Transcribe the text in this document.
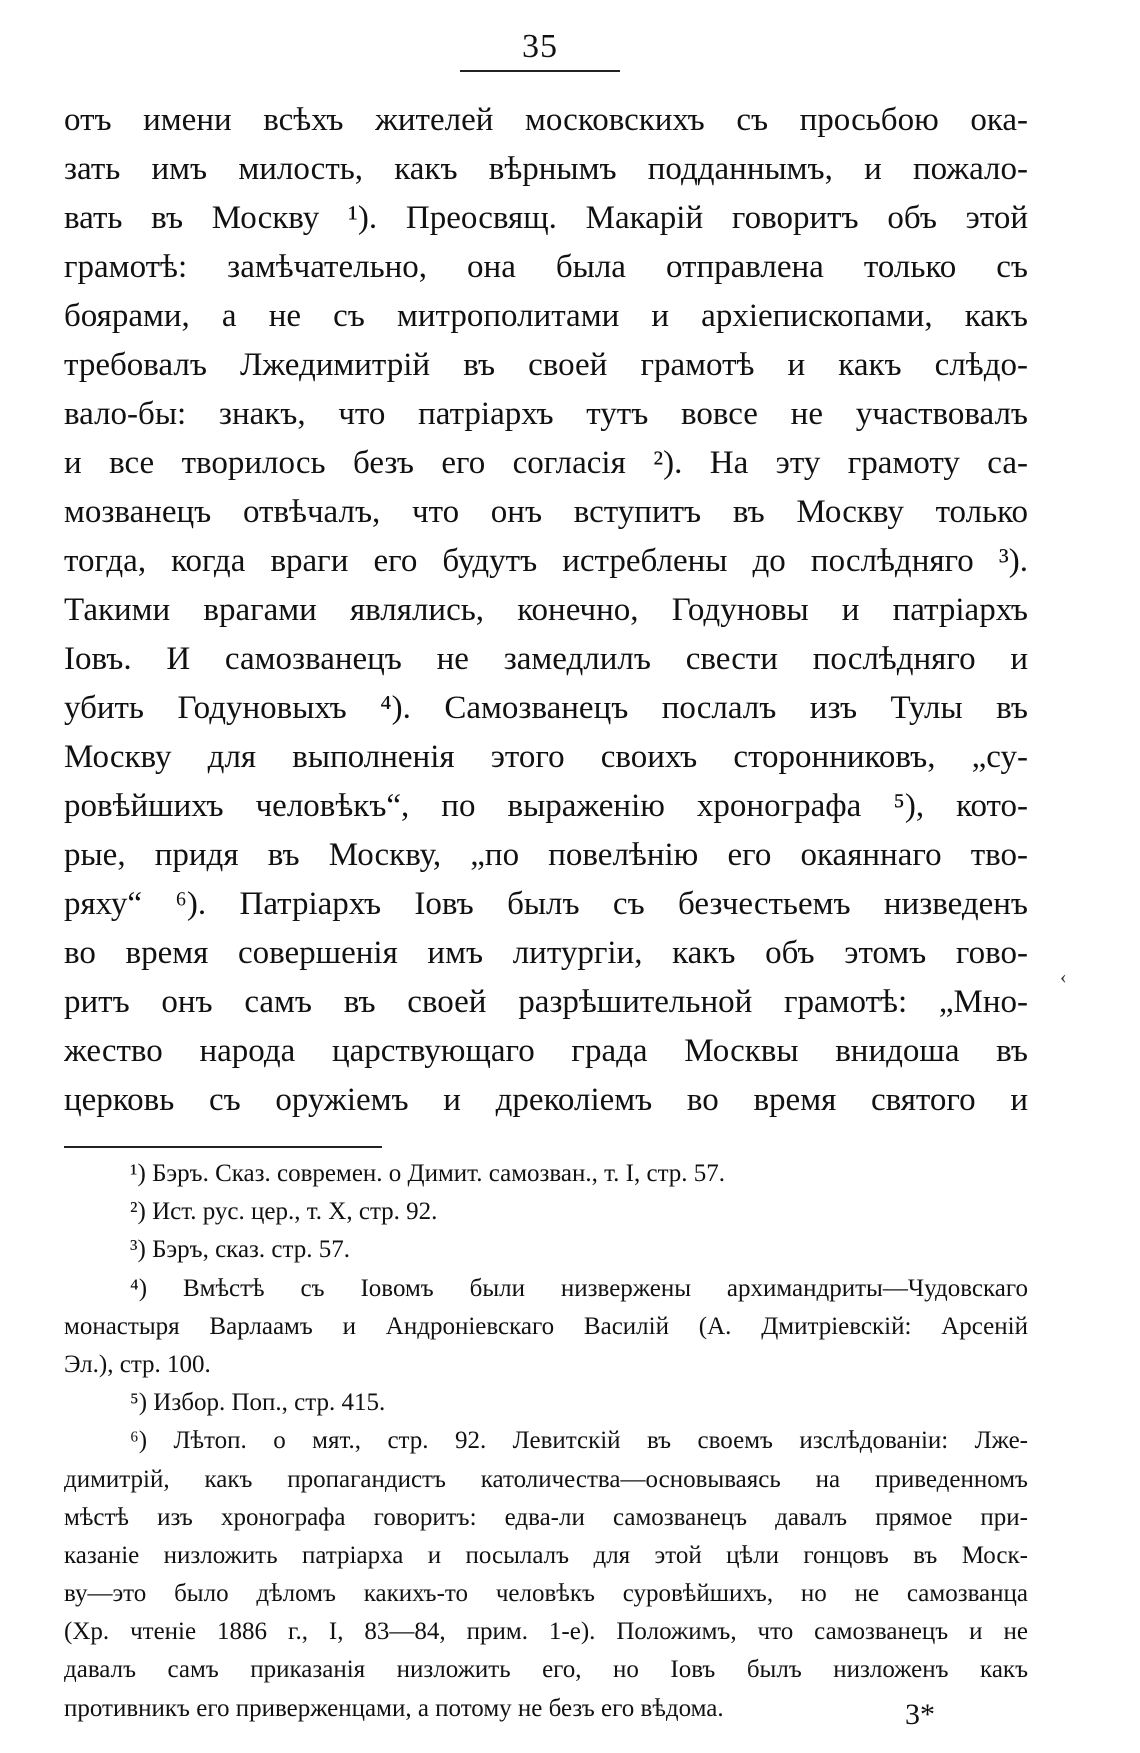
35
отъ имени всѣхъ жителей московскихъ съ просьбою ока-
зать имъ милость, какъ вѣрнымъ подданнымъ, и пожало-
вать въ Москву ¹). Преосвящ. Макарій говоритъ объ этой
грамотѣ: замѣчательно, она была отправлена только съ
боярами, а не съ митрополитами и архіепископами, какъ
требовалъ Лжедимитрій въ своей грамотѣ и какъ слѣдо-
вало-бы: знакъ, что патріархъ тутъ вовсе не участвовалъ
и все творилось безъ его согласія ²). На эту грамоту са-
мозванецъ отвѣчалъ, что онъ вступитъ въ Москву только
тогда, когда враги его будутъ истреблены до послѣдняго ³).
Такими врагами являлись, конечно, Годуновы и патріархъ
Іовъ. И самозванецъ не замедлилъ свести послѣдняго и
убить Годуновыхъ ⁴). Самозванецъ послалъ изъ Тулы въ
Москву для выполненія этого своихъ сторонниковъ, „су-
ровѣйшихъ человѣкъ“, по выраженію хронографа ⁵), кото-
рые, придя въ Москву, „по повелѣнію его окаяннаго тво-
ряху“ ⁶). Патріархъ Іовъ былъ съ безчестьемъ низведенъ
во время совершенія имъ литургіи, какъ объ этомъ гово-
ритъ онъ самъ въ своей разрѣшительной грамотѣ: „Мно-
жество народа царствующаго града Москвы внидоша въ
церковь съ оружіемъ и дреколіемъ во время святого и
¹) Бэръ. Сказ. современ. о Димит. самозван., т. I, стр. 57.
²) Ист. рус. цер., т. X, стр. 92.
³) Бэръ, сказ. стр. 57.
⁴) Вмѣстѣ съ Іовомъ были низвержены архимандриты—Чудовскаго
монастыря Варлаамъ и Андроніевскаго Василій (А. Дмитріевскій: Арсеній
Эл.), стр. 100.
⁵) Избор. Поп., стр. 415.
⁶) Лѣтоп. о мят., стр. 92. Левитскій въ своемъ изслѣдованіи: Лже-
димитрій, какъ пропагандистъ католичества—основываясь на приведенномъ
мѣстѣ изъ хронографа говоритъ: едва-ли самозванецъ давалъ прямое при-
казаніе низложить патріарха и посылалъ для этой цѣли гонцовъ въ Моск-
ву—это было дѣломъ какихъ-то человѣкъ суровѣйшихъ, но не самозванца
(Хр. чтеніе 1886 г., I, 83—84, прим. 1-е). Положимъ, что самозванецъ и не
давалъ самъ приказанія низложить его, но Іовъ былъ низложенъ какъ
противникъ его приверженцами, а потому не безъ его вѣдома.
‹
3*
